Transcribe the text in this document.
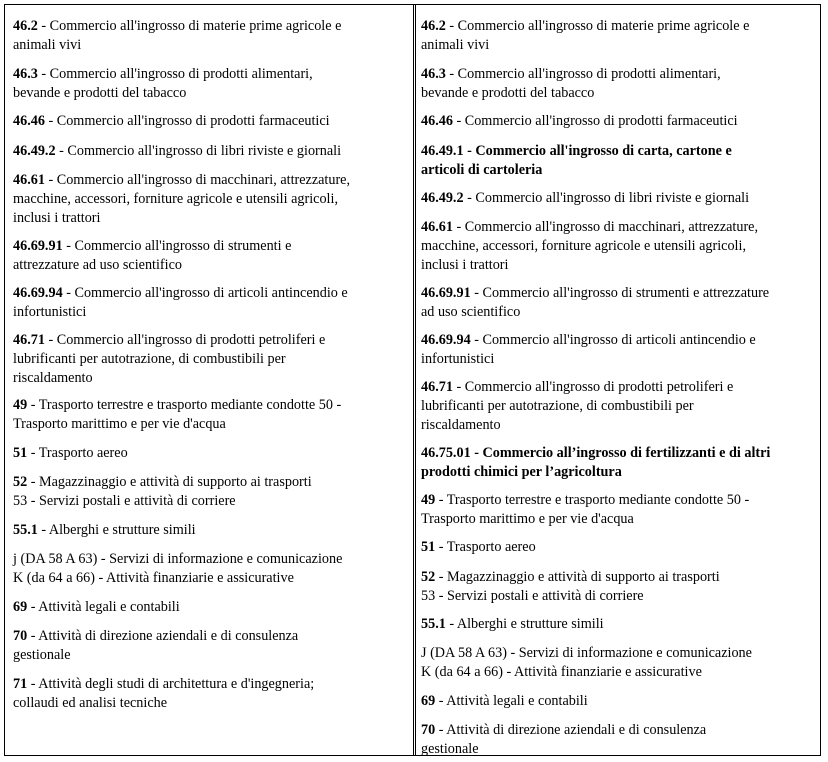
46.2 - Commercio all'ingrosso di materie prime agricole e
animali vivi
46.3 - Commercio all'ingrosso di prodotti alimentari,
bevande e prodotti del tabacco
46.46 - Commercio all'ingrosso di prodotti farmaceutici
46.49.2 - Commercio all'ingrosso di libri riviste e giornali
46.61 - Commercio all'ingrosso di macchinari, attrezzature,
macchine, accessori, forniture agricole e utensili agricoli,
inclusi i trattori
46.69.91 - Commercio all'ingrosso di strumenti e
attrezzature ad uso scientifico
46.69.94 - Commercio all'ingrosso di articoli antincendio e
infortunistici
46.71 - Commercio all'ingrosso di prodotti petroliferi e
lubrificanti per autotrazione, di combustibili per
riscaldamento
49 - Trasporto terrestre e trasporto mediante condotte 50 -
Trasporto marittimo e per vie d'acqua
51 - Trasporto aereo
52 - Magazzinaggio e attività di supporto ai trasporti
53 - Servizi postali e attività di corriere
55.1 - Alberghi e strutture simili
j (DA 58 A 63) - Servizi di informazione e comunicazione
K (da 64 a 66) - Attività finanziarie e assicurative
69 - Attività legali e contabili
70 - Attività di direzione aziendali e di consulenza
gestionale
71 - Attività degli studi di architettura e d'ingegneria;
collaudi ed analisi tecniche
46.2 - Commercio all'ingrosso di materie prime agricole e
animali vivi
46.3 - Commercio all'ingrosso di prodotti alimentari,
bevande e prodotti del tabacco
46.46 - Commercio all'ingrosso di prodotti farmaceutici
46.49.1 - Commercio all'ingrosso di carta, cartone e
articoli di cartoleria
46.49.2 - Commercio all'ingrosso di libri riviste e giornali
46.61 - Commercio all'ingrosso di macchinari, attrezzature,
macchine, accessori, forniture agricole e utensili agricoli,
inclusi i trattori
46.69.91 - Commercio all'ingrosso di strumenti e attrezzature
ad uso scientifico
46.69.94 - Commercio all'ingrosso di articoli antincendio e
infortunistici
46.71 - Commercio all'ingrosso di prodotti petroliferi e
lubrificanti per autotrazione, di combustibili per
riscaldamento
46.75.01 - Commercio all’ingrosso di fertilizzanti e di altri
prodotti chimici per l’agricoltura
49 - Trasporto terrestre e trasporto mediante condotte 50 -
Trasporto marittimo e per vie d'acqua
51 - Trasporto aereo
52 - Magazzinaggio e attività di supporto ai trasporti
53 - Servizi postali e attività di corriere
55.1 - Alberghi e strutture simili
J (DA 58 A 63) - Servizi di informazione e comunicazione
K (da 64 a 66) - Attività finanziarie e assicurative
69 - Attività legali e contabili
70 - Attività di direzione aziendali e di consulenza
gestionale
